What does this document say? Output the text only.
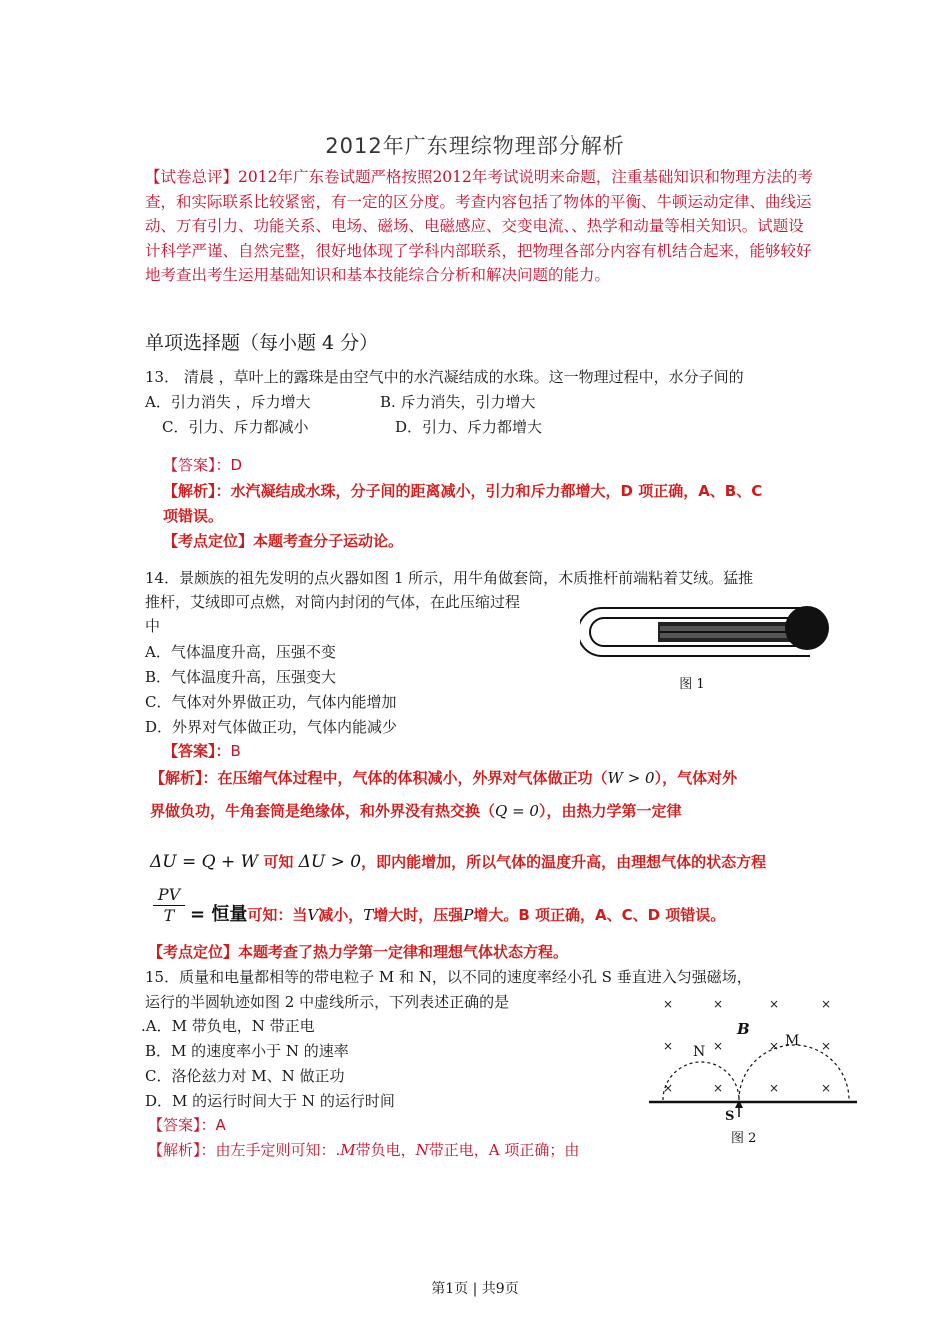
2012年广东理综物理部分解析
【试卷总评】2012年广东卷试题严格按照2012年考试说明来命题，注重基础知识和物理方法的考查，和实际联系比较紧密，有一定的区分度。考查内容包括了物体的平衡、牛顿运动定律、曲线运动、万有引力、功能关系、电场、磁场、电磁感应、交变电流、、热学和动量等相关知识。试题设计科学严谨、自然完整，很好地体现了学科内部联系，把物理各部分内容有机结合起来，能够较好地考查出考生运用基础知识和基本技能综合分析和解决问题的能力。
单项选择题（每小题 4 分）
13． 清晨 ，草叶上的露珠是由空气中的水汽凝结成的水珠。这一物理过程中，水分子间的
A．引力消失 ，斥力增大	B. 斥力消失，引力增大
C．引力、斥力都减小	D．引力、斥力都增大
【答案】：D
【解析】：水汽凝结成水珠，分子间的距离减小，引力和斥力都增大，D 项正确，A、B、C
项错误。
【考点定位】本题考查分子运动论。
14．景颇族的祖先发明的点火器如图 1 所示，用牛角做套筒，木质推杆前端粘着艾绒。猛推
推杆，艾绒即可点燃，对筒内封闭的气体，在此压缩过程
中
A．气体温度升高，压强不变
B．气体温度升高，压强变大
C．气体对外界做正功，气体内能增加
D．外界对气体做正功，气体内能减少
图 1
【答案】：B
【解析】：在压缩气体过程中，气体的体积减小，外界对气体做正功（W > 0），气体对外
界做负功，牛角套筒是绝缘体，和外界没有热交换（Q = 0），由热力学第一定律
ΔU = Q + W 可知 ΔU > 0，即内能增加，所以气体的温度升高，由理想气体的状态方程
$\frac{PV}{T}$ = 恒量可知：当V减小，T增大时，压强P增大。B 项正确，A、C、D 项错误。
【考点定位】本题考查了热力学第一定律和理想气体状态方程。
15．质量和电量都相等的带电粒子 M 和 N，以不同的速度率经小孔 S 垂直进入匀强磁场，
运行的半圆轨迹如图 2 中虚线所示，下列表述正确的是
.A．M 带负电，N 带正电
B．M 的速度率小于 N 的速率
C．洛伦兹力对 M、N 做正功
D．M 的运行时间大于 N 的运行时间
【答案】：A
【解析】：由左手定则可知：.M带负电，N带正电，A 项正确；由
×	×	×	×
×	×	×	×
×	×	×	×
B
N
M
S
图 2
第1页 | 共9页
